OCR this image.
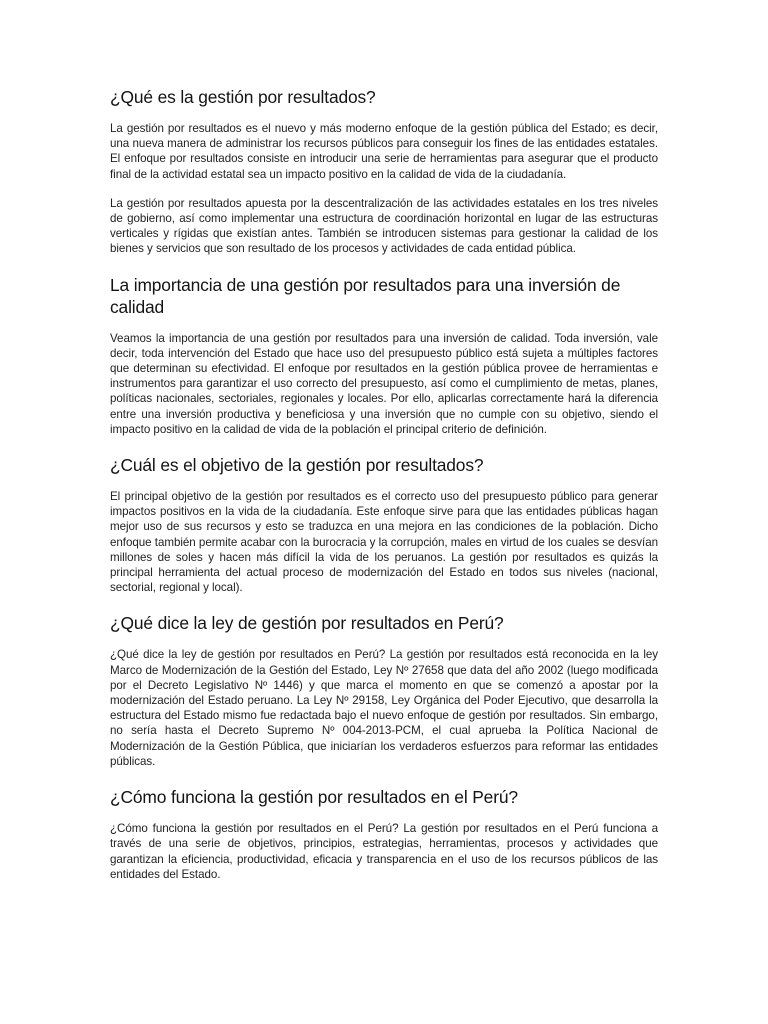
¿Qué es la gestión por resultados?

La gestión por resultados es el nuevo y más moderno enfoque de la gestión pública del Estado; es decir, una nueva manera de administrar los recursos públicos para conseguir los fines de las entidades estatales. El enfoque por resultados consiste en introducir una serie de herramientas para asegurar que el producto final de la actividad estatal sea un impacto positivo en la calidad de vida de la ciudadanía.

La gestión por resultados apuesta por la descentralización de las actividades estatales en los tres niveles de gobierno, así como implementar una estructura de coordinación horizontal en lugar de las estructuras verticales y rígidas que existían antes. También se introducen sistemas para gestionar la calidad de los bienes y servicios que son resultado de los procesos y actividades de cada entidad pública.

La importancia de una gestión por resultados para una inversión de calidad

Veamos la importancia de una gestión por resultados para una inversión de calidad. Toda inversión, vale decir, toda intervención del Estado que hace uso del presupuesto público está sujeta a múltiples factores que determinan su efectividad. El enfoque por resultados en la gestión pública provee de herramientas e instrumentos para garantizar el uso correcto del presupuesto, así como el cumplimiento de metas, planes, políticas nacionales, sectoriales, regionales y locales. Por ello, aplicarlas correctamente hará la diferencia entre una inversión productiva y beneficiosa y una inversión que no cumple con su objetivo, siendo el impacto positivo en la calidad de vida de la población el principal criterio de definición.

¿Cuál es el objetivo de la gestión por resultados?

El principal objetivo de la gestión por resultados es el correcto uso del presupuesto público para generar impactos positivos en la vida de la ciudadanía. Este enfoque sirve para que las entidades públicas hagan mejor uso de sus recursos y esto se traduzca en una mejora en las condiciones de la población. Dicho enfoque también permite acabar con la burocracia y la corrupción, males en virtud de los cuales se desvían millones de soles y hacen más difícil la vida de los peruanos. La gestión por resultados es quizás la principal herramienta del actual proceso de modernización del Estado en todos sus niveles (nacional, sectorial, regional y local).

¿Qué dice la ley de gestión por resultados en Perú?

¿Qué dice la ley de gestión por resultados en Perú? La gestión por resultados está reconocida en la ley Marco de Modernización de la Gestión del Estado, Ley Nº 27658 que data del año 2002 (luego modificada por el Decreto Legislativo Nº 1446) y que marca el momento en que se comenzó a apostar por la modernización del Estado peruano. La Ley Nº 29158, Ley Orgánica del Poder Ejecutivo, que desarrolla la estructura del Estado mismo fue redactada bajo el nuevo enfoque de gestión por resultados. Sin embargo, no sería hasta el Decreto Supremo Nº 004-2013-PCM, el cual aprueba la Política Nacional de Modernización de la Gestión Pública, que iniciarían los verdaderos esfuerzos para reformar las entidades públicas.

¿Cómo funciona la gestión por resultados en el Perú?

¿Cómo funciona la gestión por resultados en el Perú? La gestión por resultados en el Perú funciona a través de una serie de objetivos, principios, estrategias, herramientas, procesos y actividades que garantizan la eficiencia, productividad, eficacia y transparencia en el uso de los recursos públicos de las entidades del Estado.
